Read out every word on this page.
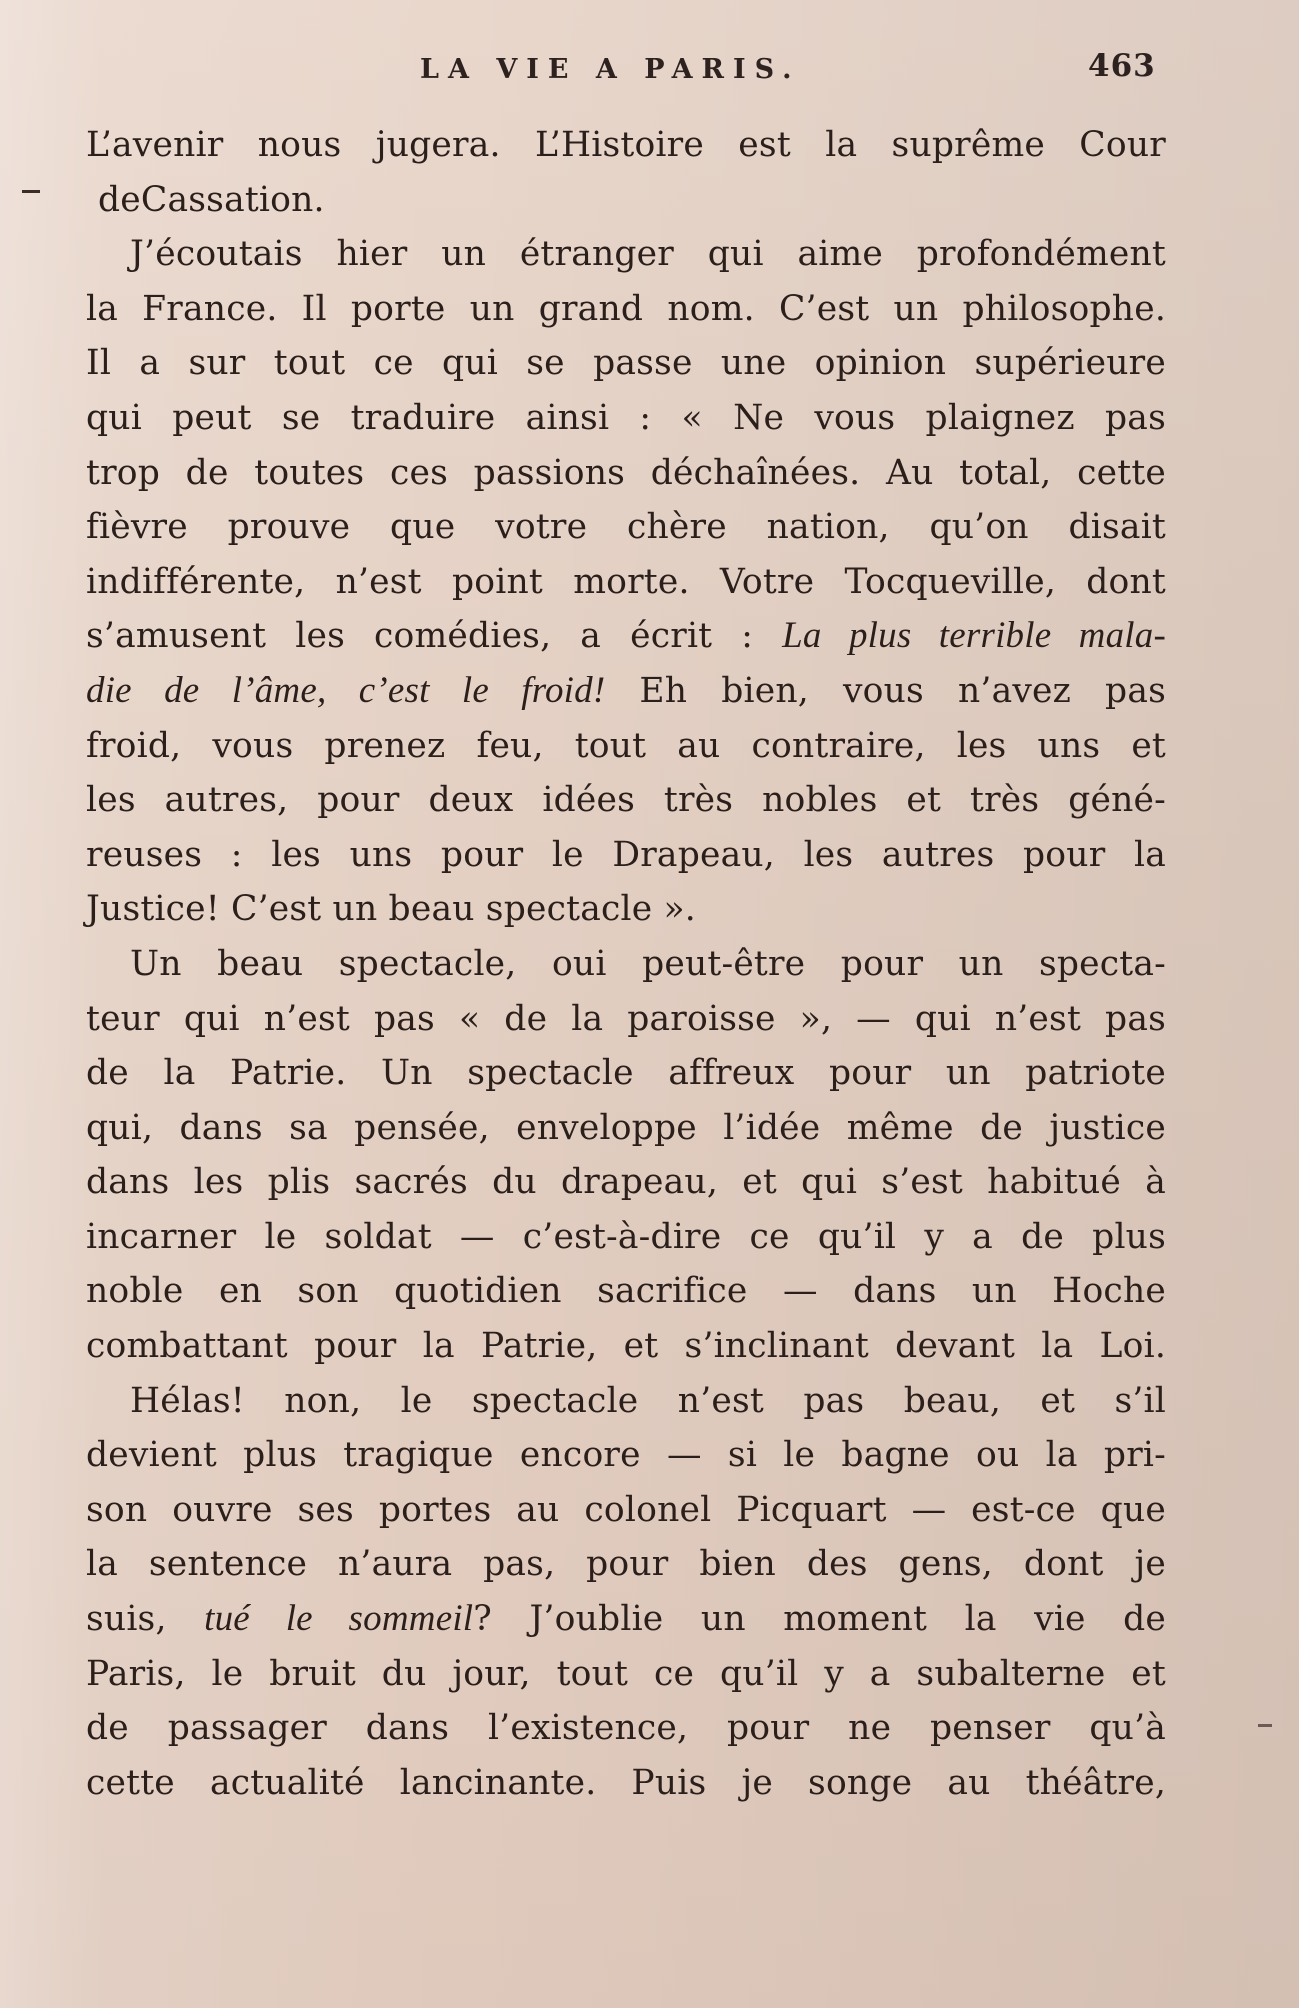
LA VIE A PARIS.	463
L’avenir nous jugera. L’Histoire est la suprême Cour
deCassation.
J’écoutais hier un étranger qui aime profondément
la France. Il porte un grand nom. C’est un philosophe.
Il a sur tout ce qui se passe une opinion supérieure
qui peut se traduire ainsi : « Ne vous plaignez pas
trop de toutes ces passions déchaînées. Au total, cette
fièvre prouve que votre chère nation, qu’on disait
indifférente, n’est point morte. Votre Tocqueville, dont
s’amusent les comédies, a écrit : La plus terrible mala-
die de l’âme, c’est le froid! Eh bien, vous n’avez pas
froid, vous prenez feu, tout au contraire, les uns et
les autres, pour deux idées très nobles et très géné-
reuses : les uns pour le Drapeau, les autres pour la
Justice! C’est un beau spectacle ».
Un beau spectacle, oui peut-être pour un specta-
teur qui n’est pas « de la paroisse », — qui n’est pas
de la Patrie. Un spectacle affreux pour un patriote
qui, dans sa pensée, enveloppe l’idée même de justice
dans les plis sacrés du drapeau, et qui s’est habitué à
incarner le soldat — c’est-à-dire ce qu’il y a de plus
noble en son quotidien sacrifice — dans un Hoche
combattant pour la Patrie, et s’inclinant devant la Loi.
Hélas! non, le spectacle n’est pas beau, et s’il
devient plus tragique encore — si le bagne ou la pri-
son ouvre ses portes au colonel Picquart — est-ce que
la sentence n’aura pas, pour bien des gens, dont je
suis, tué le sommeil? J’oublie un moment la vie de
Paris, le bruit du jour, tout ce qu’il y a subalterne et
de passager dans l’existence, pour ne penser qu’à
cette actualité lancinante. Puis je songe au théâtre,
